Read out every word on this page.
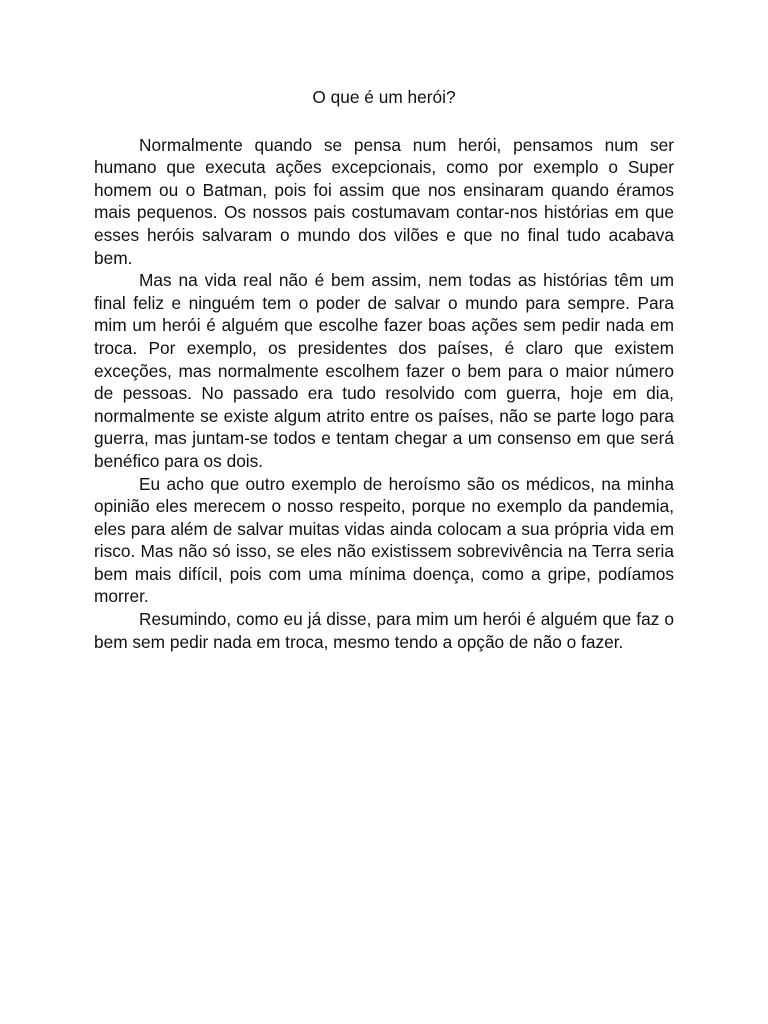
O que é um herói?

Normalmente quando se pensa num herói, pensamos num ser humano que executa ações excepcionais, como por exemplo o Super homem ou o Batman, pois foi assim que nos ensinaram quando éramos mais pequenos. Os nossos pais costumavam contar-nos histórias em que esses heróis salvaram o mundo dos vilões e que no final tudo acabava bem.

Mas na vida real não é bem assim, nem todas as histórias têm um final feliz e ninguém tem o poder de salvar o mundo para sempre. Para mim um herói é alguém que escolhe fazer boas ações sem pedir nada em troca. Por exemplo, os presidentes dos países, é claro que existem exceções, mas normalmente escolhem fazer o bem para o maior número de pessoas. No passado era tudo resolvido com guerra, hoje em dia, normalmente se existe algum atrito entre os países, não se parte logo para guerra, mas juntam-se todos e tentam chegar a um consenso em que será benéfico para os dois.

Eu acho que outro exemplo de heroísmo são os médicos, na minha opinião eles merecem o nosso respeito, porque no exemplo da pandemia, eles para além de salvar muitas vidas ainda colocam a sua própria vida em risco. Mas não só isso, se eles não existissem sobrevivência na Terra seria bem mais difícil, pois com uma mínima doença, como a gripe, podíamos morrer.

Resumindo, como eu já disse, para mim um herói é alguém que faz o bem sem pedir nada em troca, mesmo tendo a opção de não o fazer.
